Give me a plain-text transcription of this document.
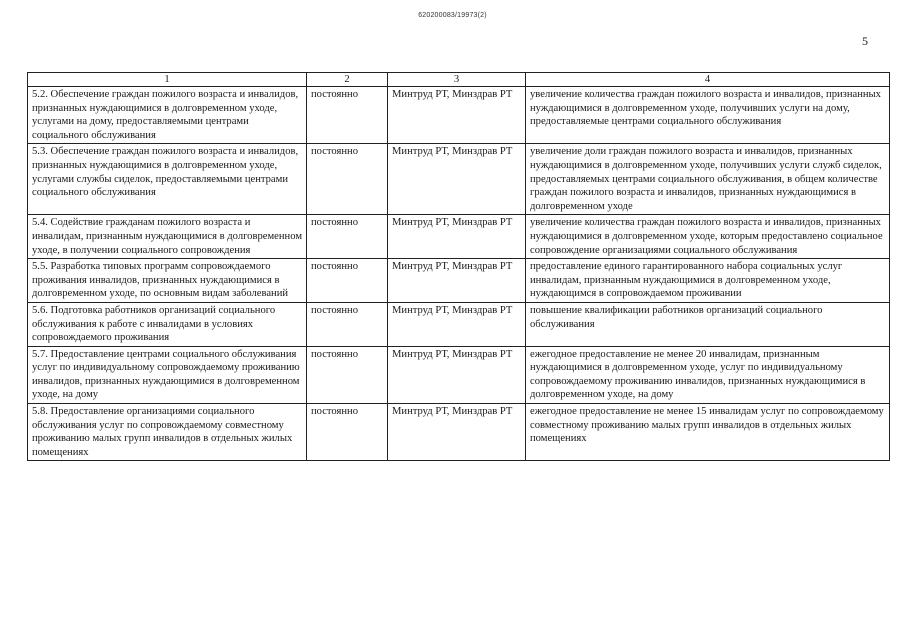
620200083/19973(2)
5
1	2	3	4
5.2. Обеспечение граждан пожилого возраста и инвалидов, признанных нуждающимися в долговременном уходе, услугами на дому, предоставляемыми центрами социального обслуживания	постоянно	Минтруд РТ, Минздрав РТ	увеличение количества граждан пожилого возраста и инвалидов, признанных нуждающимися в долговременном уходе, получивших услуги на дому, предоставляемые центрами социального обслуживания
5.3. Обеспечение граждан пожилого возраста и инвалидов, признанных нуждающимися в долговременном уходе, услугами службы сиделок, предоставляемыми центрами социального обслуживания	постоянно	Минтруд РТ, Минздрав РТ	увеличение доли граждан пожилого возраста и инвалидов, признанных нуждающимися в долговременном уходе, получивших услуги служб сиделок, предоставляемых центрами социального обслуживания, в общем количестве граждан пожилого возраста и инвалидов, признанных нуждающимися в долговременном уходе
5.4. Содействие гражданам пожилого возраста и инвалидам, признанным нуждающимися в долговременном уходе, в получении социального сопровождения	постоянно	Минтруд РТ, Минздрав РТ	увеличение количества граждан пожилого возраста и инвалидов, признанных нуждающимися в долговременном уходе, которым предоставлено социальное сопровождение организациями социального обслуживания
5.5. Разработка типовых программ сопровождаемого проживания инвалидов, признанных нуждающимися в долговременном уходе, по основным видам заболеваний	постоянно	Минтруд РТ, Минздрав РТ	предоставление единого гарантированного набора социальных услуг инвалидам, признанным нуждающимися в долговременном уходе, нуждающимся в сопровождаемом проживании
5.6. Подготовка работников организаций социального обслуживания к работе с инвалидами в условиях сопровождаемого проживания	постоянно	Минтруд РТ, Минздрав РТ	повышение квалификации работников организаций социального обслуживания
5.7. Предоставление центрами социального обслуживания услуг по индивидуальному сопровождаемому проживанию инвалидов, признанных нуждающимися в долговременном уходе, на дому	постоянно	Минтруд РТ, Минздрав РТ	ежегодное предоставление не менее 20 инвалидам, признанным нуждающимися в долговременном уходе, услуг по индивидуальному сопровождаемому проживанию инвалидов, признанных нуждающимися в долговременном уходе, на дому
5.8. Предоставление организациями социального обслуживания услуг по сопровождаемому совместному проживанию малых групп инвалидов в отдельных жилых помещениях	постоянно	Минтруд РТ, Минздрав РТ	ежегодное предоставление не менее 15 инвалидам услуг по сопровождаемому совместному проживанию малых групп инвалидов в отдельных жилых помещениях
